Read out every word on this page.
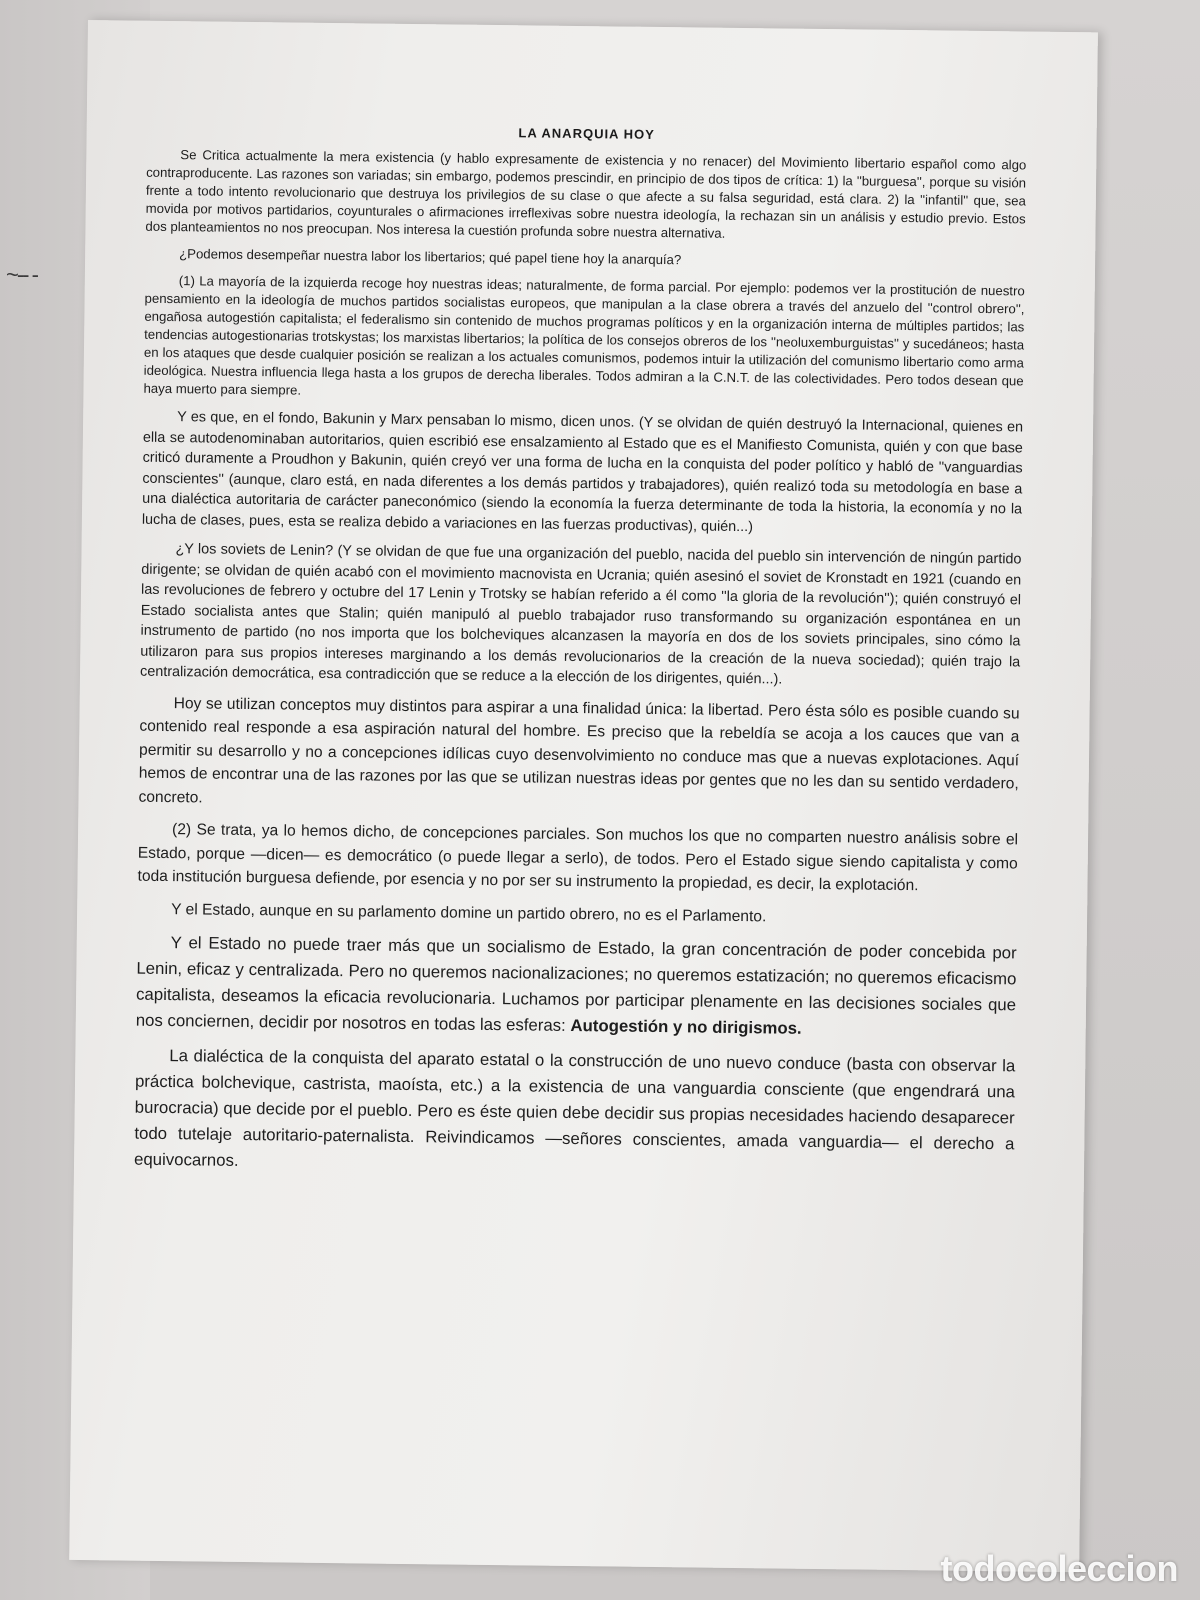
~-- -
LA ANARQUIA HOY

Se Critica actualmente la mera existencia (y hablo expresamente de existencia y no renacer) del Movimiento libertario español como algo contraproducente. Las razones son variadas; sin embargo, podemos prescindir, en principio de dos tipos de crítica: 1) la ''burguesa'', porque su visión frente a todo intento revolucionario que destruya los privilegios de su clase o que afecte a su falsa seguridad, está clara. 2) la ''infantil'' que, sea movida por motivos partidarios, coyunturales o afirmaciones irreflexivas sobre nuestra ideología, la rechazan sin un análisis y estudio previo. Estos dos planteamientos no nos preocupan. Nos interesa la cuestión profunda sobre nuestra alternativa.

¿Podemos desempeñar nuestra labor los libertarios; qué papel tiene hoy la anarquía?

(1) La mayoría de la izquierda recoge hoy nuestras ideas; naturalmente, de forma parcial. Por ejemplo: podemos ver la prostitución de nuestro pensamiento en la ideología de muchos partidos socialistas europeos, que manipulan a la clase obrera a través del anzuelo del ''control obrero'', engañosa autogestión capitalista; el federalismo sin contenido de muchos programas políticos y en la organización interna de múltiples partidos; las tendencias autogestionarias trotskystas; los marxistas libertarios; la política de los consejos obreros de los ''neoluxemburguistas'' y sucedáneos; hasta en los ataques que desde cualquier posición se realizan a los actuales comunismos, podemos intuir la utilización del comunismo libertario como arma ideológica. Nuestra influencia llega hasta a los grupos de derecha liberales. Todos admiran a la C.N.T. de las colectividades. Pero todos desean que haya muerto para siempre.

Y es que, en el fondo, Bakunin y Marx pensaban lo mismo, dicen unos. (Y se olvidan de quién destruyó la Internacional, quienes en ella se autodenominaban autoritarios, quien escribió ese ensalzamiento al Estado que es el Manifiesto Comunista, quién y con que base criticó duramente a Proudhon y Bakunin, quién creyó ver una forma de lucha en la conquista del poder político y habló de ''vanguardias conscientes'' (aunque, claro está, en nada diferentes a los demás partidos y trabajadores), quién realizó toda su metodología en base a una dialéctica autoritaria de carácter paneconómico (siendo la economía la fuerza determinante de toda la historia, la economía y no la lucha de clases, pues, esta se realiza debido a variaciones en las fuerzas productivas), quién...)

¿Y los soviets de Lenin? (Y se olvidan de que fue una organización del pueblo, nacida del pueblo sin intervención de ningún partido dirigente; se olvidan de quién acabó con el movimiento macnovista en Ucrania; quién asesinó el soviet de Kronstadt en 1921 (cuando en las revoluciones de febrero y octubre del 17 Lenin y Trotsky se habían referido a él como ''la gloria de la revolución''); quién construyó el Estado socialista antes que Stalin; quién manipuló al pueblo trabajador ruso transformando su organización espontánea en un instrumento de partido (no nos importa que los bolcheviques alcanzasen la mayoría en dos de los soviets principales, sino cómo la utilizaron para sus propios intereses marginando a los demás revolucionarios de la creación de la nueva sociedad); quién trajo la centralización democrática, esa contradicción que se reduce a la elección de los dirigentes, quién...).

Hoy se utilizan conceptos muy distintos para aspirar a una finalidad única: la libertad. Pero ésta sólo es posible cuando su contenido real responde a esa aspiración natural del hombre. Es preciso que la rebeldía se acoja a los cauces que van a permitir su desarrollo y no a concepciones idílicas cuyo desenvolvimiento no conduce mas que a nuevas explotaciones. Aquí hemos de encontrar una de las razones por las que se utilizan nuestras ideas por gentes que no les dan su sentido verdadero, concreto.

(2) Se trata, ya lo hemos dicho, de concepciones parciales. Son muchos los que no comparten nuestro análisis sobre el Estado, porque —dicen— es democrático (o puede llegar a serlo), de todos. Pero el Estado sigue siendo capitalista y como toda institución burguesa defiende, por esencia y no por ser su instrumento la propiedad, es decir, la explotación.

Y el Estado, aunque en su parlamento domine un partido obrero, no es el Parlamento.

Y el Estado no puede traer más que un socialismo de Estado, la gran concentración de poder concebida por Lenin, eficaz y centralizada. Pero no queremos nacionalizaciones; no queremos estatización; no queremos eficacismo capitalista, deseamos la eficacia revolucionaria. Luchamos por participar plenamente en las decisiones sociales que nos conciernen, decidir por nosotros en todas las esferas: Autogestión y no dirigismos.

La dialéctica de la conquista del aparato estatal o la construcción de uno nuevo conduce (basta con observar la práctica bolchevique, castrista, maoísta, etc.) a la existencia de una vanguardia consciente (que engendrará una burocracia) que decide por el pueblo. Pero es éste quien debe decidir sus propias necesidades haciendo desaparecer todo tutelaje autoritario-paternalista. Reivindicamos —señores conscientes, amada vanguardia— el derecho a equivocarnos.

todocoleccion
